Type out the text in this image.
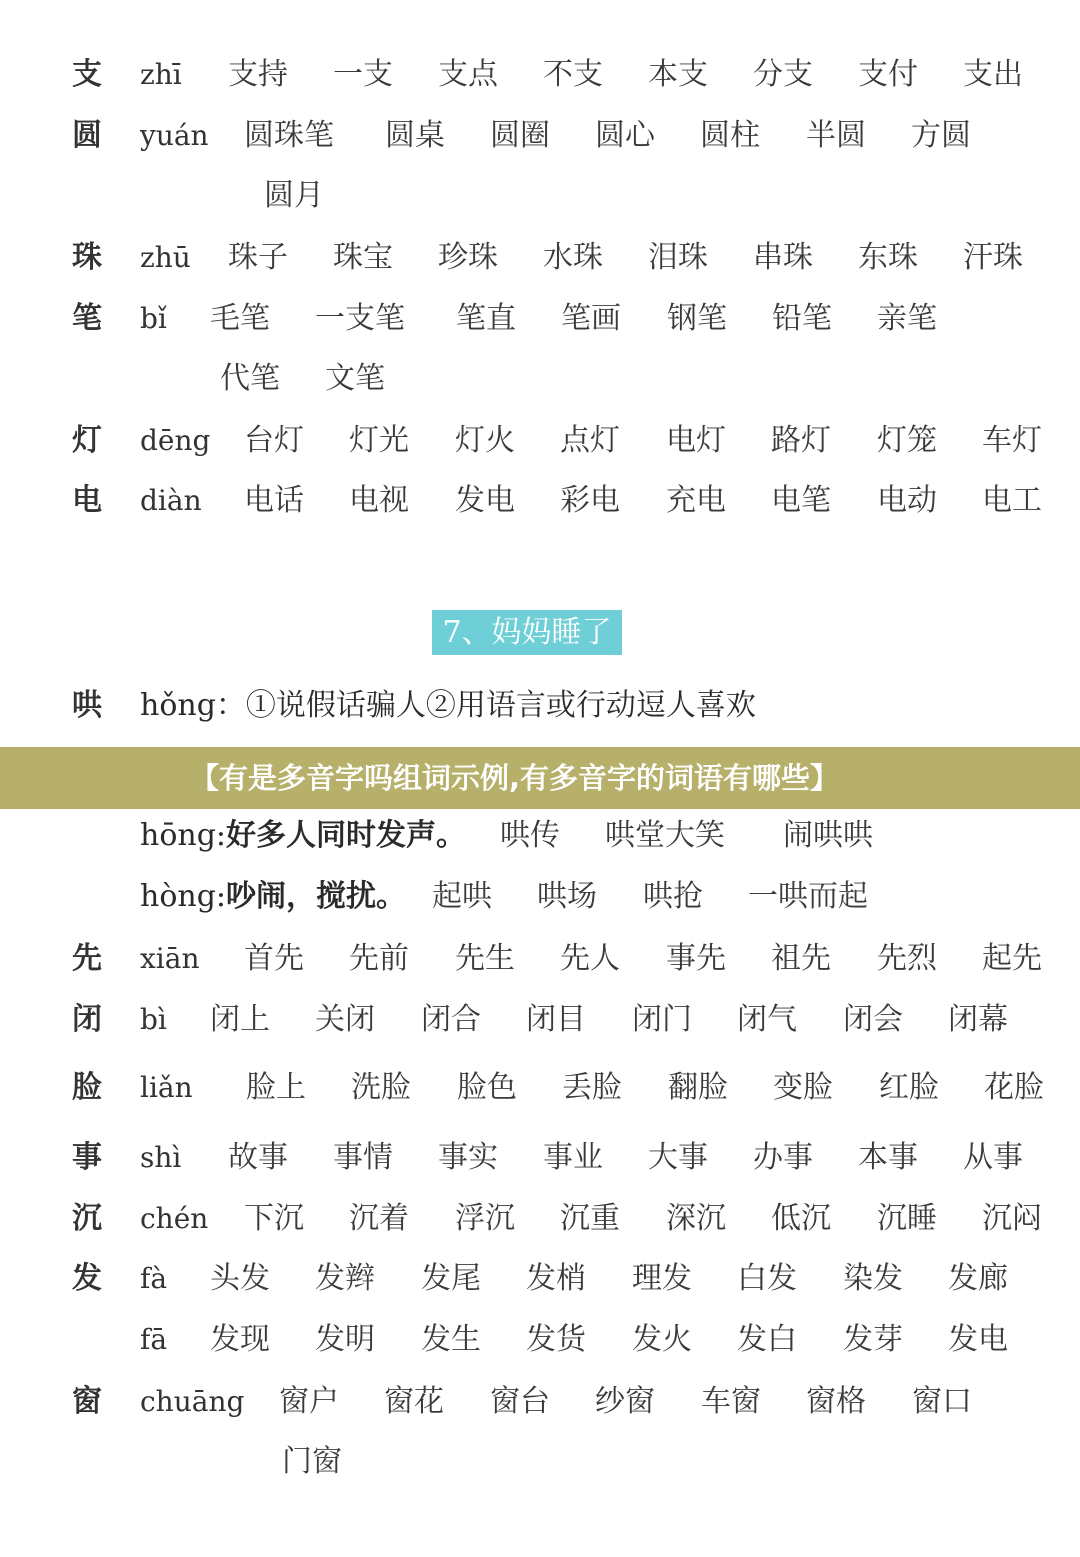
支 zhī 支持 一支 支点 不支 本支 分支 支付 支出
圆 yuán 圆珠笔 圆桌 圆圈 圆心 圆柱 半圆 方圆
圆月
珠 zhū 珠子 珠宝 珍珠 水珠 泪珠 串珠 东珠 汗珠
笔 bǐ 毛笔 一支笔 笔直 笔画 钢笔 铅笔 亲笔
代笔 文笔
灯 dēng 台灯 灯光 灯火 点灯 电灯 路灯 灯笼 车灯
电 diàn 电话 电视 发电 彩电 充电 电笔 电动 电工
7、妈妈睡了
哄 hǒng：①说假话骗人②用语言或行动逗人喜欢
hōng:好多人同时发声。 哄传 哄堂大笑 闹哄哄
hòng:吵闹，搅扰。 起哄 哄场 哄抢 一哄而起
【有是多音字吗组词示例,有多音字的词语有哪些】
先 xiān 首先 先前 先生 先人 事先 祖先 先烈 起先
闭 bì 闭上 关闭 闭合 闭目 闭门 闭气 闭会 闭幕
脸 liǎn 脸上 洗脸 脸色 丢脸 翻脸 变脸 红脸 花脸
事 shì 故事 事情 事实 事业 大事 办事 本事 从事
沉 chén 下沉 沉着 浮沉 沉重 深沉 低沉 沉睡 沉闷
发 fà 头发 发辫 发尾 发梢 理发 白发 染发 发廊
fā 发现 发明 发生 发货 发火 发白 发芽 发电
窗 chuāng 窗户 窗花 窗台 纱窗 车窗 窗格 窗口
门窗
